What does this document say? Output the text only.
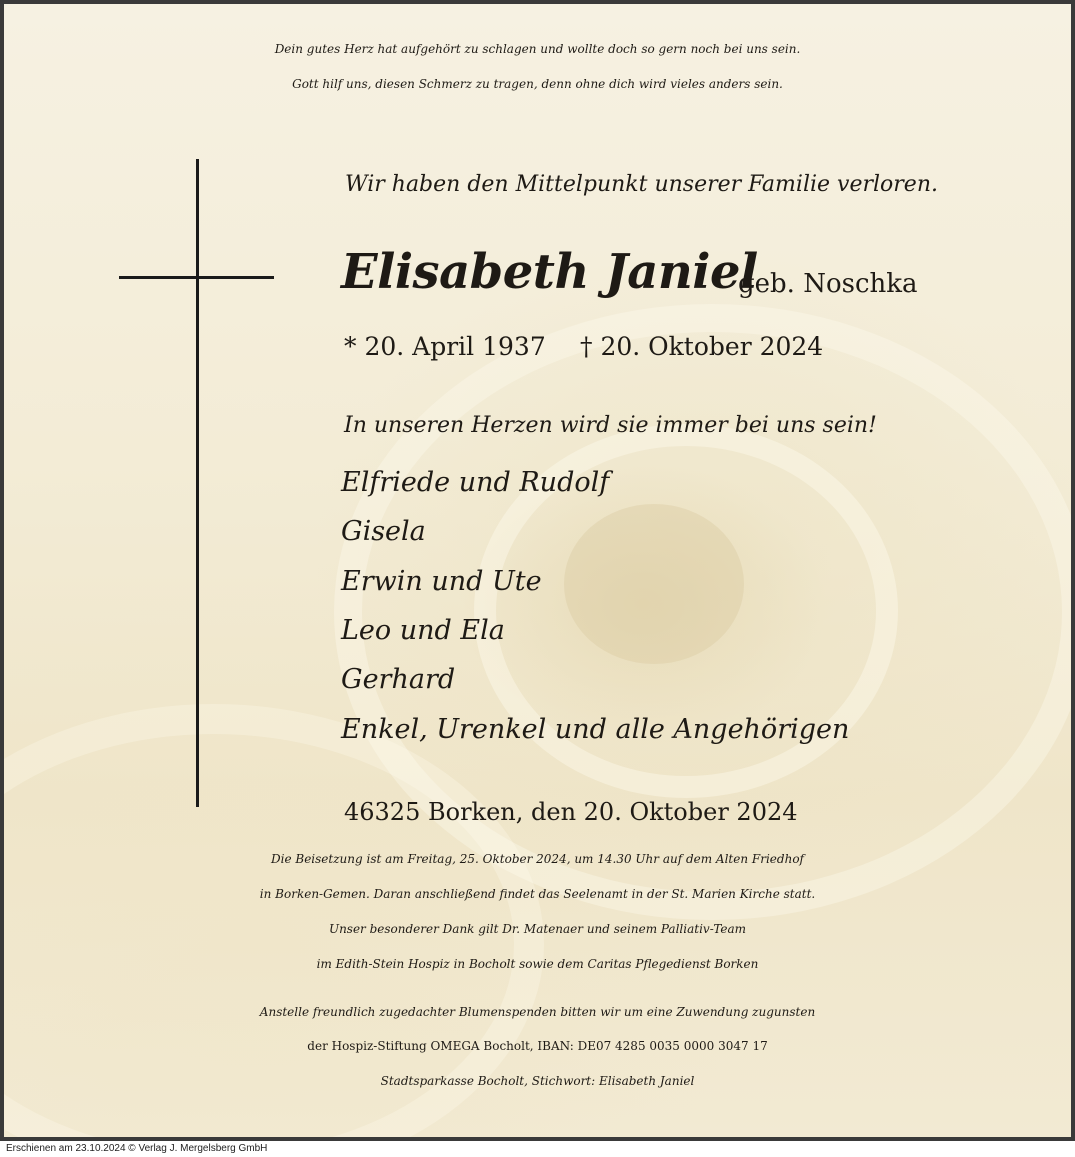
Dein gutes Herz hat aufgehört zu schlagen und wollte doch so gern noch bei uns sein.
Gott hilf uns, diesen Schmerz zu tragen, denn ohne dich wird vieles anders sein.
Wir haben den Mittelpunkt unserer Familie verloren.
Elisabeth Janiel
geb. Noschka
* 20. April 1937 † 20. Oktober 2024
In unseren Herzen wird sie immer bei uns sein!
Elfriede und Rudolf
Gisela
Erwin und Ute
Leo und Ela
Gerhard
Enkel, Urenkel und alle Angehörigen
46325 Borken, den 20. Oktober 2024
Die Beisetzung ist am Freitag, 25. Oktober 2024, um 14.30 Uhr auf dem Alten Friedhof
in Borken-Gemen. Daran anschließend findet das Seelenamt in der St. Marien Kirche statt.
Unser besonderer Dank gilt Dr. Matenaer und seinem Palliativ-Team
im Edith-Stein Hospiz in Bocholt sowie dem Caritas Pflegedienst Borken
Anstelle freundlich zugedachter Blumenspenden bitten wir um eine Zuwendung zugunsten
der Hospiz-Stiftung OMEGA Bocholt, IBAN: DE07 4285 0035 0000 3047 17
Stadtsparkasse Bocholt, Stichwort: Elisabeth Janiel
Erschienen am 23.10.2024 © Verlag J. Mergelsberg GmbH
